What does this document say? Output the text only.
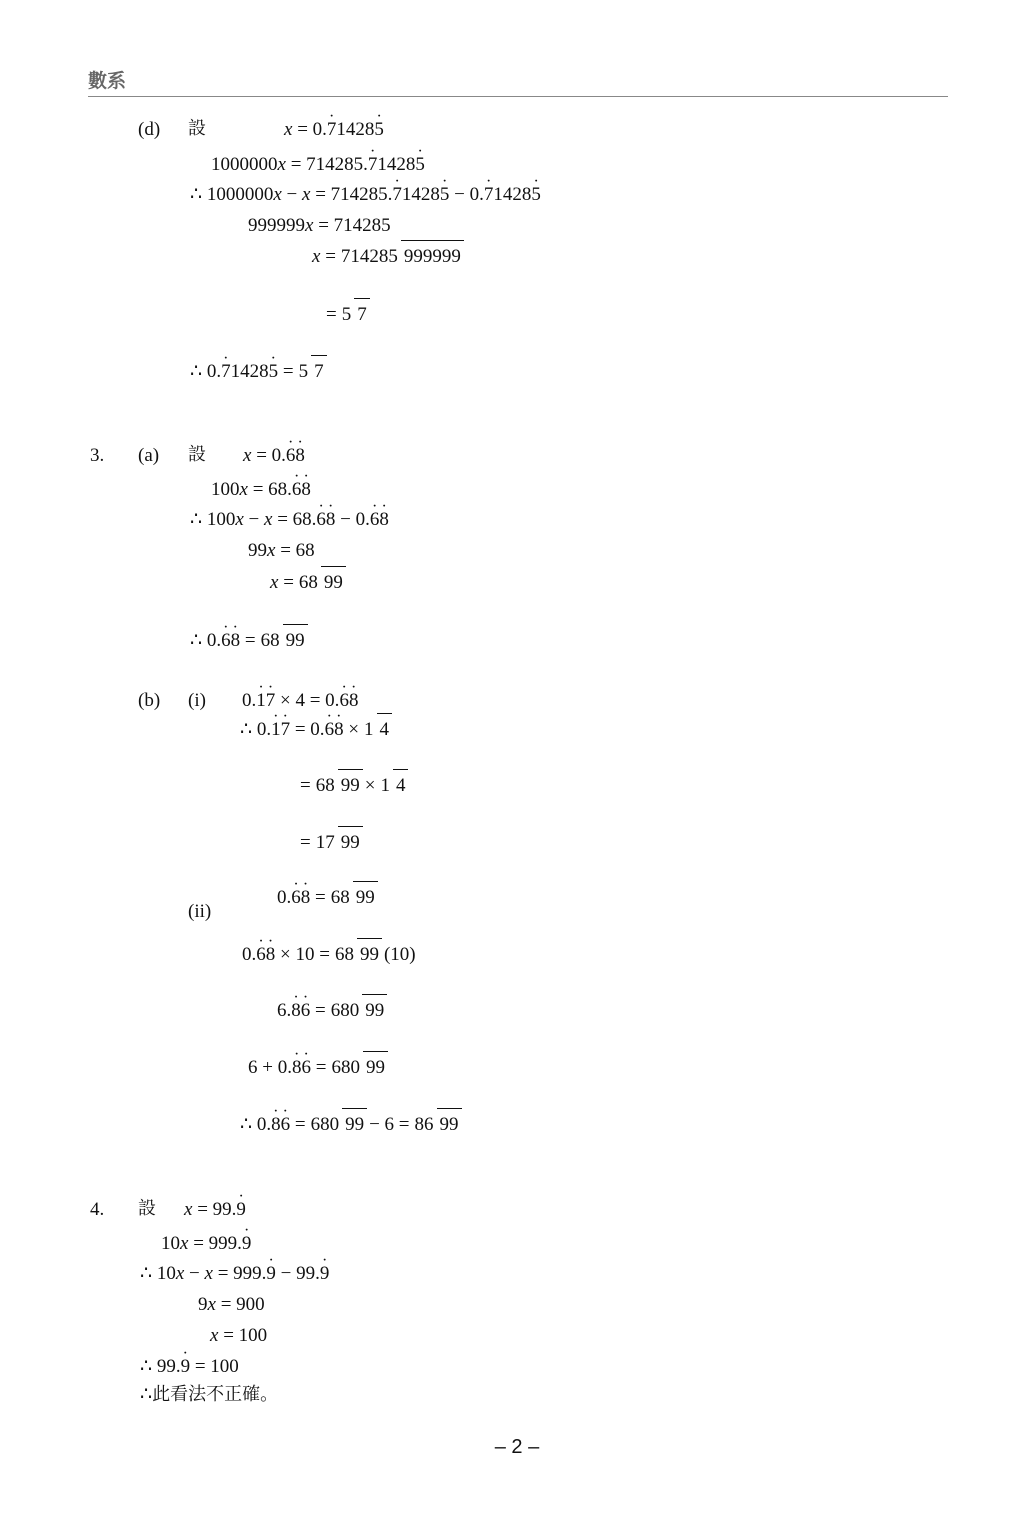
數系
(d) 設	x = 0.7 ·14285 ·
1000000x = 714285.7 ·14285 ·
∴ 1000000x − x = 714285.7 ·14285 · − 0.7 ·14285 ·
999999x = 714285
x = 714285 999999
= 5 7
∴ 0.7 ·14285 · = 5 7
3. (a) 設 x = 0.6 ·8 ·
100x = 68.6 ·8 ·
∴ 100x − x = 68.6 ·8 · − 0.6 ·8 ·
99x = 68
x = 68 99
∴ 0.6 ·8 · = 68 99
(b) (i) 0.1 ·7 · × 4 = 0.6 ·8 ·
∴ 0.1 ·7 · = 0.6 ·8 · × 1 4
= 68 99 × 1 4
= 17 99
(ii)
0.6 ·8 · = 68 99
0.6 ·8 · × 10 = 68 99 (10)
6.8 ·6 · = 680 99
6 + 0.8 ·6 · = 680 99
∴ 0.8 ·6 · = 680 99 − 6 = 86 99
4. 設 x = 99.9 ·
10x = 999.9 ·
∴ 10x − x = 999.9 · − 99.9 ·
9x = 900
x = 100
∴ 99.9 · = 100
∴ 此看法不正確。
– 2 –
